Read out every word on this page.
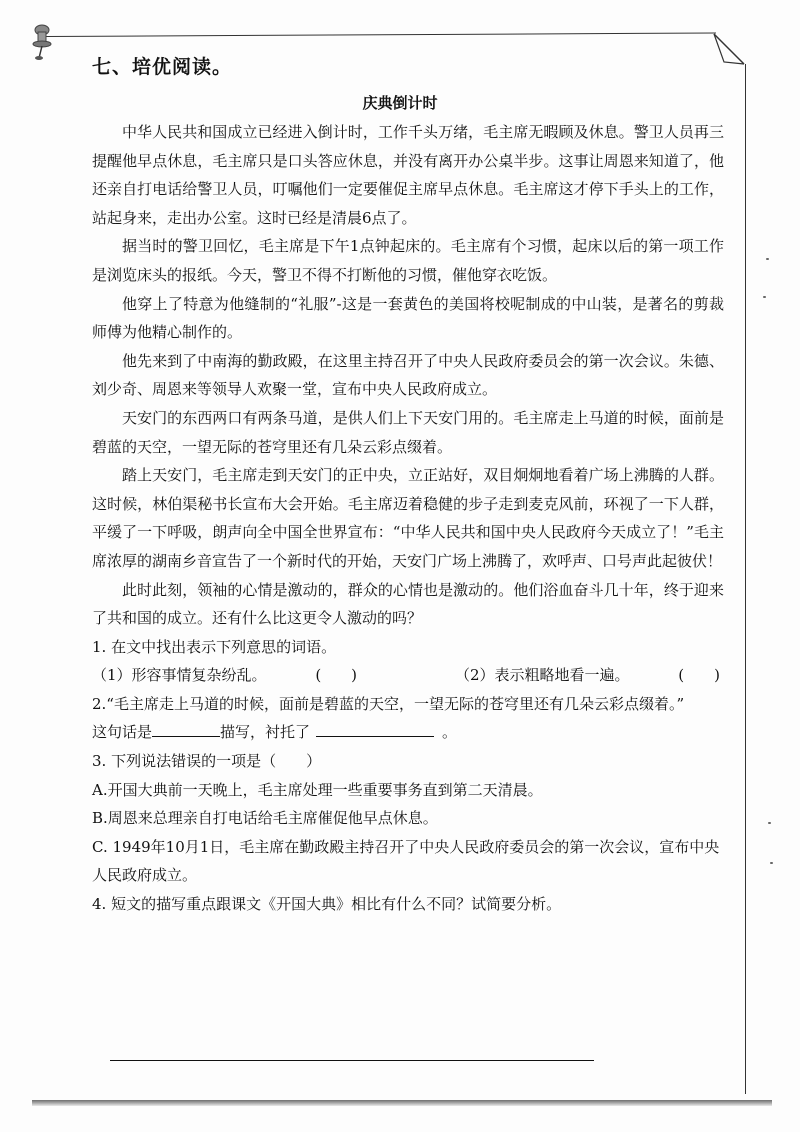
七、培优阅读。
庆典倒计时

中华人民共和国成立已经进入倒计时，工作千头万绪，毛主席无暇顾及休息。警卫人员再三提醒他早点休息，毛主席只是口头答应休息，并没有离开办公桌半步。这事让周恩来知道了，他还亲自打电话给警卫人员，叮嘱他们一定要催促主席早点休息。毛主席这才停下手头上的工作，站起身来，走出办公室。这时已经是清晨6点了。

据当时的警卫回忆，毛主席是下午1点钟起床的。毛主席有个习惯，起床以后的第一项工作是浏览床头的报纸。今天，警卫不得不打断他的习惯，催他穿衣吃饭。

他穿上了特意为他缝制的“礼服”-这是一套黄色的美国将校呢制成的中山装，是著名的剪裁师傅为他精心制作的。

他先来到了中南海的勤政殿，在这里主持召开了中央人民政府委员会的第一次会议。朱德、刘少奇、周恩来等领导人欢聚一堂，宣布中央人民政府成立。

天安门的东西两口有两条马道，是供人们上下天安门用的。毛主席走上马道的时候，面前是碧蓝的天空，一望无际的苍穹里还有几朵云彩点缀着。

踏上天安门，毛主席走到天安门的正中央，立正站好，双目炯炯地看着广场上沸腾的人群。这时候，林伯渠秘书长宣布大会开始。毛主席迈着稳健的步子走到麦克风前，环视了一下人群，平缓了一下呼吸，朗声向全中国全世界宣布：“中华人民共和国中央人民政府今天成立了！”毛主席浓厚的湖南乡音宣告了一个新时代的开始，天安门广场上沸腾了，欢呼声、口号声此起彼伏！

此时此刻，领袖的心情是激动的，群众的心情也是激动的。他们浴血奋斗几十年，终于迎来了共和国的成立。还有什么比这更令人激动的吗？

1. 在文中找出表示下列意思的词语。

（1）形容事情复杂纷乱。	(　　)	（2）表示粗略地看一遍。	(　　)

2.“毛主席走上马道的时候，面前是碧蓝的天空，一望无际的苍穹里还有几朵云彩点缀着。”

这句话是	描写，衬托了	。

3. 下列说法错误的一项是（　　）

A.开国大典前一天晚上，毛主席处理一些重要事务直到第二天清晨。

B.周恩来总理亲自打电话给毛主席催促他早点休息。

C. 1949年10月1日，毛主席在勤政殿主持召开了中央人民政府委员会的第一次会议，宣布中央人民政府成立。

4. 短文的描写重点跟课文《开国大典》相比有什么不同？试简要分析。
